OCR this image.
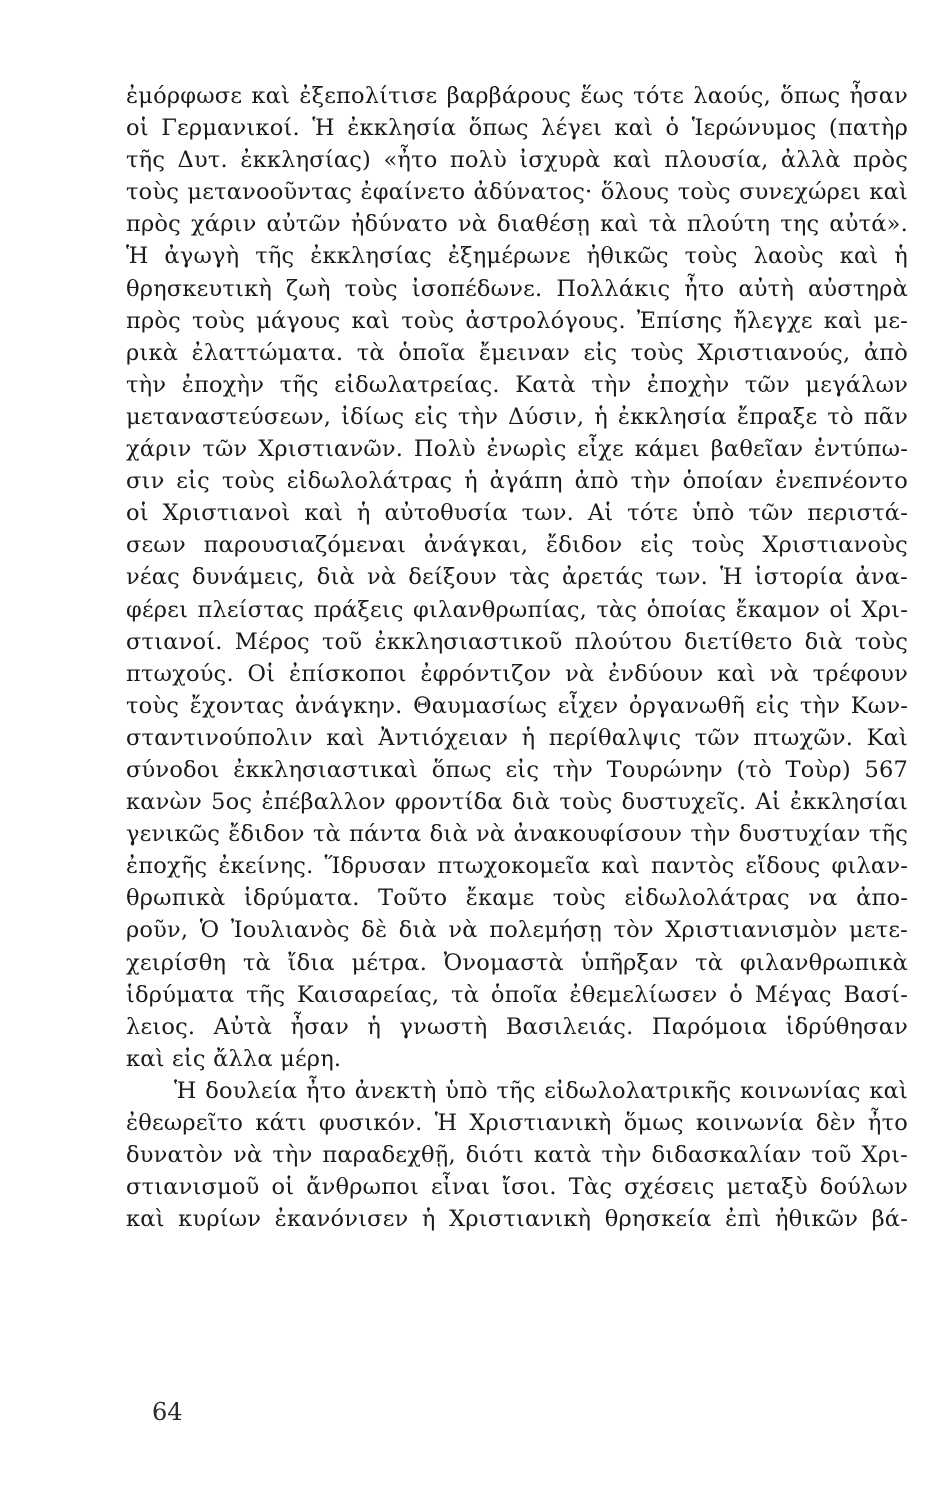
ἐμόρφωσε καὶ ἐξεπολίτισε βαρβάρους ἕως τότε λαούς, ὅπως ἦσαν
οἱ Γερμανικοί. Ἡ ἐκκλησία ὅπως λέγει καὶ ὁ Ἱερώνυμος (πατὴρ
τῆς Δυτ. ἐκκλησίας) «ἦτο πολὺ ἰσχυρὰ καὶ πλουσία, ἀλλὰ πρὸς
τοὺς μετανοοῦντας ἐφαίνετο ἀδύνατος· ὅλους τοὺς συνεχώρει καὶ
πρὸς χάριν αὐτῶν ἠδύνατο νὰ διαθέσῃ καὶ τὰ πλούτη της αὐτά».
Ἡ ἀγωγὴ τῆς ἐκκλησίας ἐξημέρωνε ἠθικῶς τοὺς λαοὺς καὶ ἡ
θρησκευτικὴ ζωὴ τοὺς ἰσοπέδωνε. Πολλάκις ἦτο αὐτὴ αὐστηρὰ
πρὸς τοὺς μάγους καὶ τοὺς ἀστρολόγους. Ἐπίσης ἤλεγχε καὶ με-
ρικὰ ἐλαττώματα. τὰ ὁποῖα ἔμειναν εἰς τοὺς Χριστιανούς, ἀπὸ
τὴν ἐποχὴν τῆς εἰδωλατρείας. Κατὰ τὴν ἐποχὴν τῶν μεγάλων
μεταναστεύσεων, ἰδίως εἰς τὴν Δύσιν, ἡ ἐκκλησία ἔπραξε τὸ πᾶν
χάριν τῶν Χριστιανῶν. Πολὺ ἐνωρὶς εἶχε κάμει βαθεῖαν ἐντύπω-
σιν εἰς τοὺς εἰδωλολάτρας ἡ ἀγάπη ἀπὸ τὴν ὁποίαν ἐνεπνέοντο
οἱ Χριστιανοὶ καὶ ἡ αὐτοθυσία των. Αἱ τότε ὑπὸ τῶν περιστά-
σεων παρουσιαζόμεναι ἀνάγκαι, ἔδιδον εἰς τοὺς Χριστιανοὺς
νέας δυνάμεις, διὰ νὰ δείξουν τὰς ἀρετάς των. Ἡ ἱστορία ἀνα-
φέρει πλείστας πράξεις φιλανθρωπίας, τὰς ὁποίας ἔκαμον οἱ Χρι-
στιανοί. Μέρος τοῦ ἐκκλησιαστικοῦ πλούτου διετίθετο διὰ τοὺς
πτωχούς. Οἱ ἐπίσκοποι ἐφρόντιζον νὰ ἐνδύουν καὶ νὰ τρέφουν
τοὺς ἔχοντας ἀνάγκην. Θαυμασίως εἶχεν ὀργανωθῆ εἰς τὴν Κων-
σταντινούπολιν καὶ Ἀντιόχειαν ἡ περίθαλψις τῶν πτωχῶν. Καὶ
σύνοδοι ἐκκλησιαστικαὶ ὅπως εἰς τὴν Τουρώνην (τὸ Τοὺρ) 567
κανὼν 5ος ἐπέβαλλον φροντίδα διὰ τοὺς δυστυχεῖς. Αἱ ἐκκλησίαι
γενικῶς ἔδιδον τὰ πάντα διὰ νὰ ἀνακουφίσουν τὴν δυστυχίαν τῆς
ἐποχῆς ἐκείνης. Ἵδρυσαν πτωχοκομεῖα καὶ παντὸς εἴδους φιλαν-
θρωπικὰ ἱδρύματα. Τοῦτο ἔκαμε τοὺς εἰδωλολάτρας να ἀπο-
ροῦν, Ὁ Ἰουλιανὸς δὲ διὰ νὰ πολεμήσῃ τὸν Χριστιανισμὸν μετε-
χειρίσθη τὰ ἴδια μέτρα. Ὀνομαστὰ ὑπῆρξαν τὰ φιλανθρωπικὰ
ἱδρύματα τῆς Καισαρείας, τὰ ὁποῖα ἐθεμελίωσεν ὁ Μέγας Βασί-
λειος. Αὐτὰ ἦσαν ἡ γνωστὴ Βασιλειάς. Παρόμοια ἱδρύθησαν
καὶ εἰς ἄλλα μέρη.
Ἡ δουλεία ἦτο ἀνεκτὴ ὑπὸ τῆς εἰδωλολατρικῆς κοινωνίας καὶ
ἐθεωρεῖτο κάτι φυσικόν. Ἡ Χριστιανικὴ ὅμως κοινωνία δὲν ἦτο
δυνατὸν νὰ τὴν παραδεχθῇ, διότι κατὰ τὴν διδασκαλίαν τοῦ Χρι-
στιανισμοῦ οἱ ἄνθρωποι εἶναι ἴσοι. Τὰς σχέσεις μεταξὺ δούλων
καὶ κυρίων ἐκανόνισεν ἡ Χριστιανικὴ θρησκεία ἐπὶ ἠθικῶν βά-
64
